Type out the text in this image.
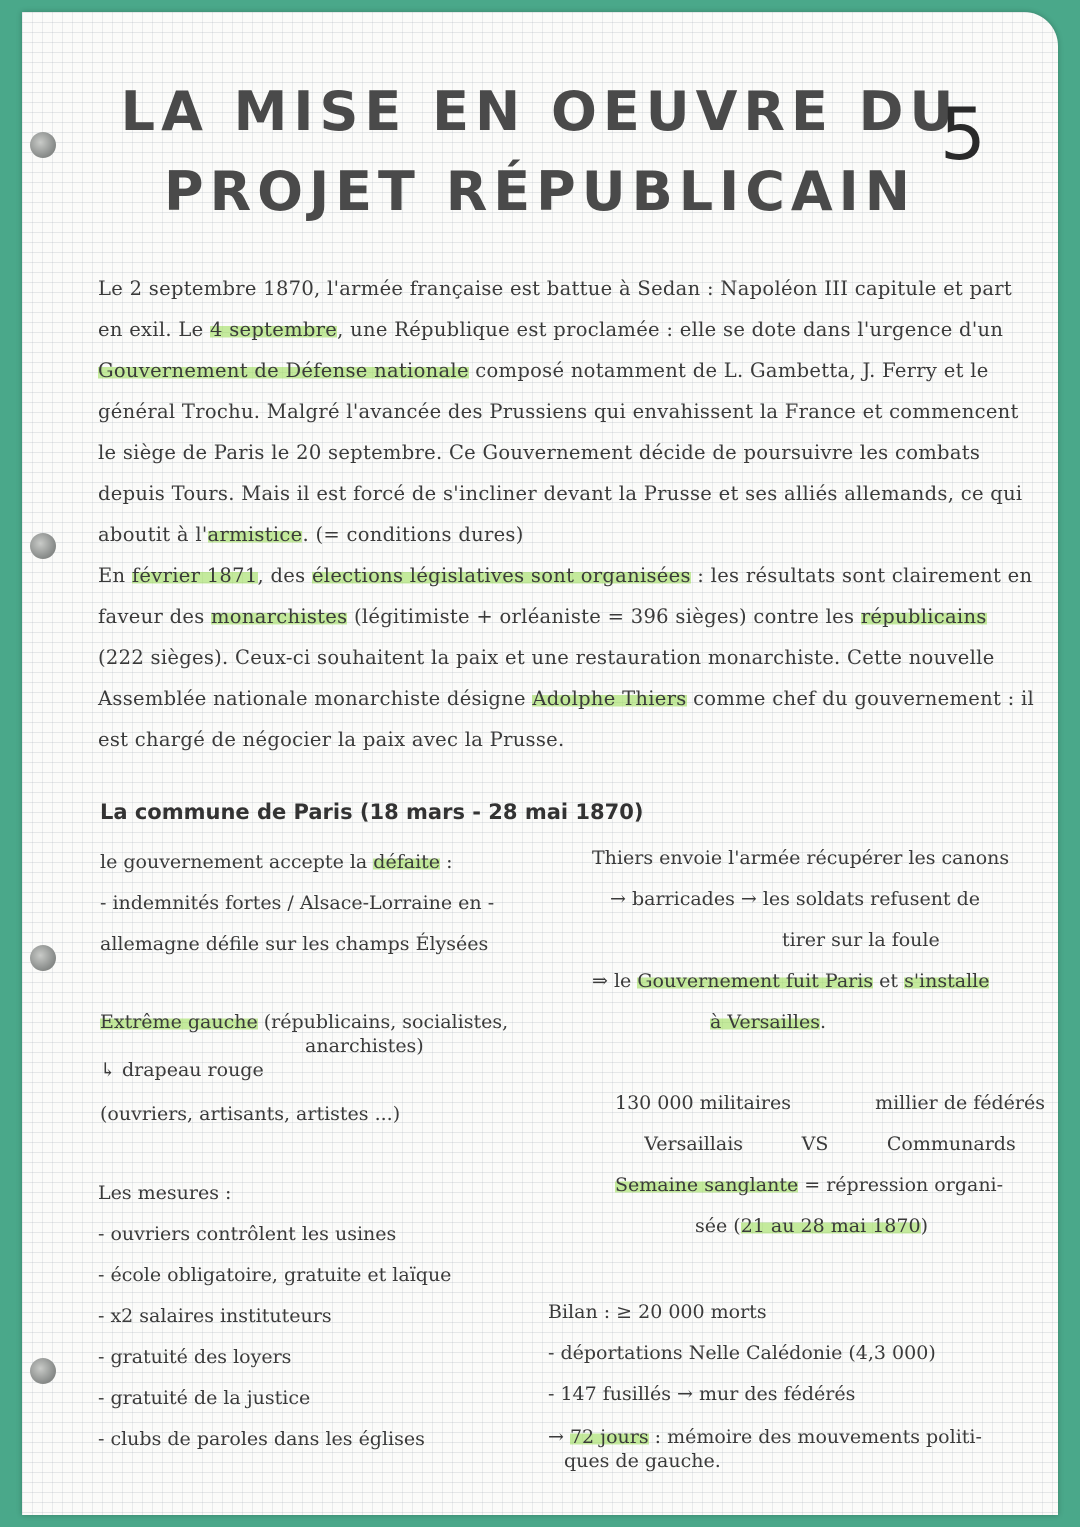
LA MISE EN OEUVRE DU
PROJET RÉPUBLICAIN
5
Le 2 septembre 1870, l'armée française est battue à Sedan : Napoléon III capitule et part en exil. Le 4 septembre, une République est proclamée : elle se dote dans l'urgence d'un Gouvernement de Défense nationale composé notamment de L. Gambetta, J. Ferry et le général Trochu. Malgré l'avancée des Prussiens qui envahissent la France et commencent le siège de Paris le 20 septembre. Ce Gouvernement décide de poursuivre les combats depuis Tours. Mais il est forcé de s'incliner devant la Prusse et ses alliés allemands, ce qui aboutit à l'armistice. (= conditions dures)
En février 1871, des élections législatives sont organisées : les résultats sont clairement en faveur des monarchistes (légitimiste + orléaniste = 396 sièges) contre les républicains (222 sièges). Ceux-ci souhaitent la paix et une restauration monarchiste. Cette nouvelle Assemblée nationale monarchiste désigne Adolphe Thiers comme chef du gouvernement : il est chargé de négocier la paix avec la Prusse.
La commune de Paris (18 mars - 28 mai 1870)

le gouvernement accepte la défaite :

- indemnités fortes / Alsace-Lorraine en -

allemagne défile sur les champs Élysées

Extrême gauche (républicains, socialistes,

anarchistes)

↳ drapeau rouge

(ouvriers, artisants, artistes ...)

Les mesures :

- ouvriers contrôlent les usines

- école obligatoire, gratuite et laïque

- x2 salaires instituteurs

- gratuité des loyers

- gratuité de la justice

- clubs de paroles dans les églises

Thiers envoie l'armée récupérer les canons

→ barricades → les soldats refusent de

tirer sur la foule

⇒ le Gouvernement fuit Paris et s'installe

à Versailles.

130 000 militaires	millier de fédérés
Versaillais	VS	Communards

Semaine sanglante = répression organi-

sée (21 au 28 mai 1870)

Bilan : ≥ 20 000 morts

- déportations Nelle Calédonie (4,3 000)

- 147 fusillés → mur des fédérés

→ 72 jours : mémoire des mouvements politi-

ques de gauche.
